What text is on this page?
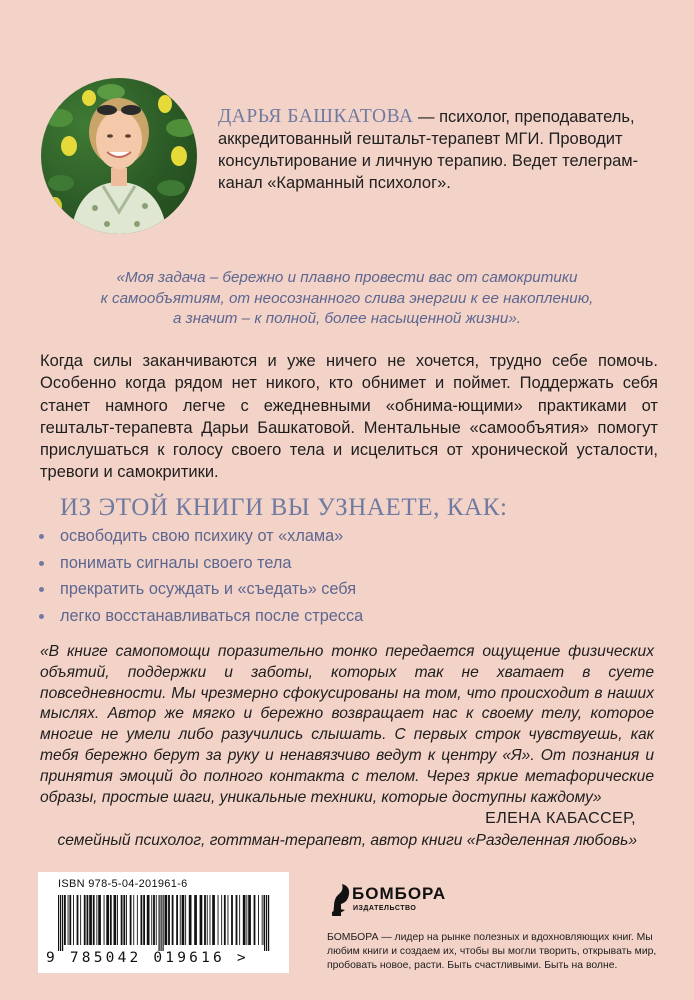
ДАРЬЯ БАШКАТОВА — психолог, преподаватель, аккредитованный гештальт-терапевт МГИ. Проводит консультирование и личную терапию. Ведет телеграм-канал «Карманный психолог».
«Моя задача – бережно и плавно провести вас от самокритики
к самообъятиям, от неосознанного слива энергии к ее накоплению,
а значит – к полной, более насыщенной жизни».
Когда силы заканчиваются и уже ничего не хочется, трудно себе помочь. Особенно когда рядом нет никого, кто обнимет и поймет. Поддержать себя станет намного легче с ежедневными «обнима-ющими» практиками от гештальт-терапевта Дарьи Башкатовой. Ментальные «самообъятия» помогут прислушаться к голосу своего тела и исцелиться от хронической усталости, тревоги и самокритики.
ИЗ ЭТОЙ КНИГИ ВЫ УЗНАЕТЕ, КАК:
освободить свою психику от «хлама»
понимать сигналы своего тела
прекратить осуждать и «съедать» себя
легко восстанавливаться после стресса
«В книге самопомощи поразительно тонко передается ощущение физических объятий, поддержки и заботы, которых так не хватает в суете повседневности. Мы чрезмерно сфокусированы на том, что происходит в наших мыслях. Автор же мягко и бережно возвращает нас к своему телу, которое многие не умели либо разучились слышать. С первых строк чувствуешь, как тебя бережно берут за руку и ненавязчиво ведут к центру «Я». От познания и принятия эмоций до полного контакта с телом. Через яркие метафорические образы, простые шаги, уникальные техники, которые доступны каждому»
ЕЛЕНА КАБАССЕР,
семейный психолог, готтман-терапевт, автор книги «Разделенная любовь»
ISBN 978-5-04-201961-6
9 785042 019616 >
БОМБОРА
ИЗДАТЕЛЬСТВО
БОМБОРА — лидер на рынке полезных и вдохновляющих книг. Мы любим книги и создаем их, чтобы вы могли творить, открывать мир, пробовать новое, расти. Быть счастливыми. Быть на волне.
